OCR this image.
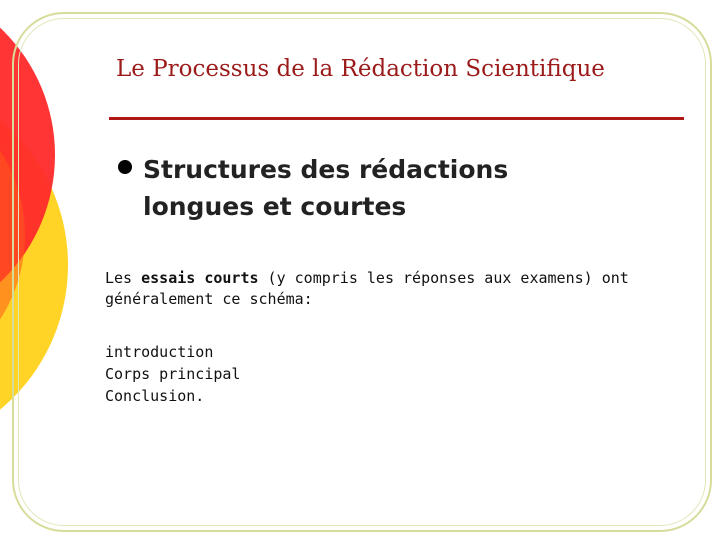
Le Processus de la Rédaction Scientifique
Structures des rédactions
longues et courtes
Les essais courts (y compris les réponses aux examens) ont généralement ce schéma:
introduction
Corps principal
Conclusion.
